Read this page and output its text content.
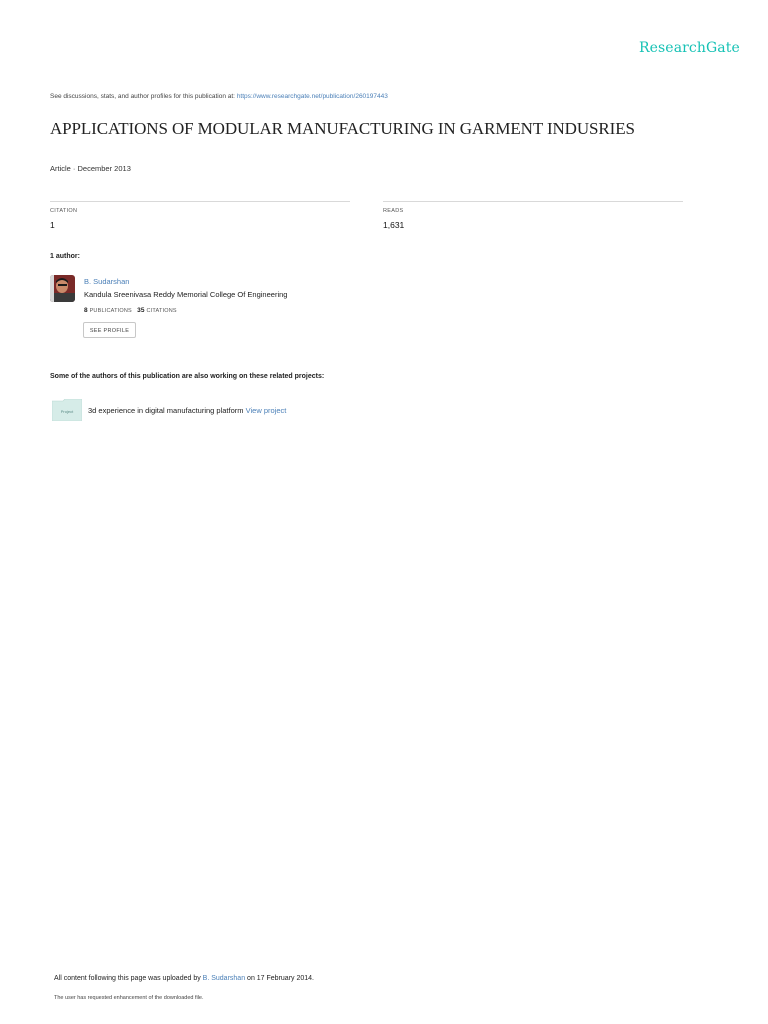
ResearchGate
See discussions, stats, and author profiles for this publication at: https://www.researchgate.net/publication/260197443
APPLICATIONS OF MODULAR MANUFACTURING IN GARMENT INDUSRIES
Article · December 2013
CITATION
1
READS
1,631
1 author:
B. Sudarshan
Kandula Sreenivasa Reddy Memorial College Of Engineering
8 PUBLICATIONS 35 CITATIONS
SEE PROFILE
Some of the authors of this publication are also working on these related projects:
Project 3d experience in digital manufacturing platform View project
All content following this page was uploaded by B. Sudarshan on 17 February 2014.
The user has requested enhancement of the downloaded file.
